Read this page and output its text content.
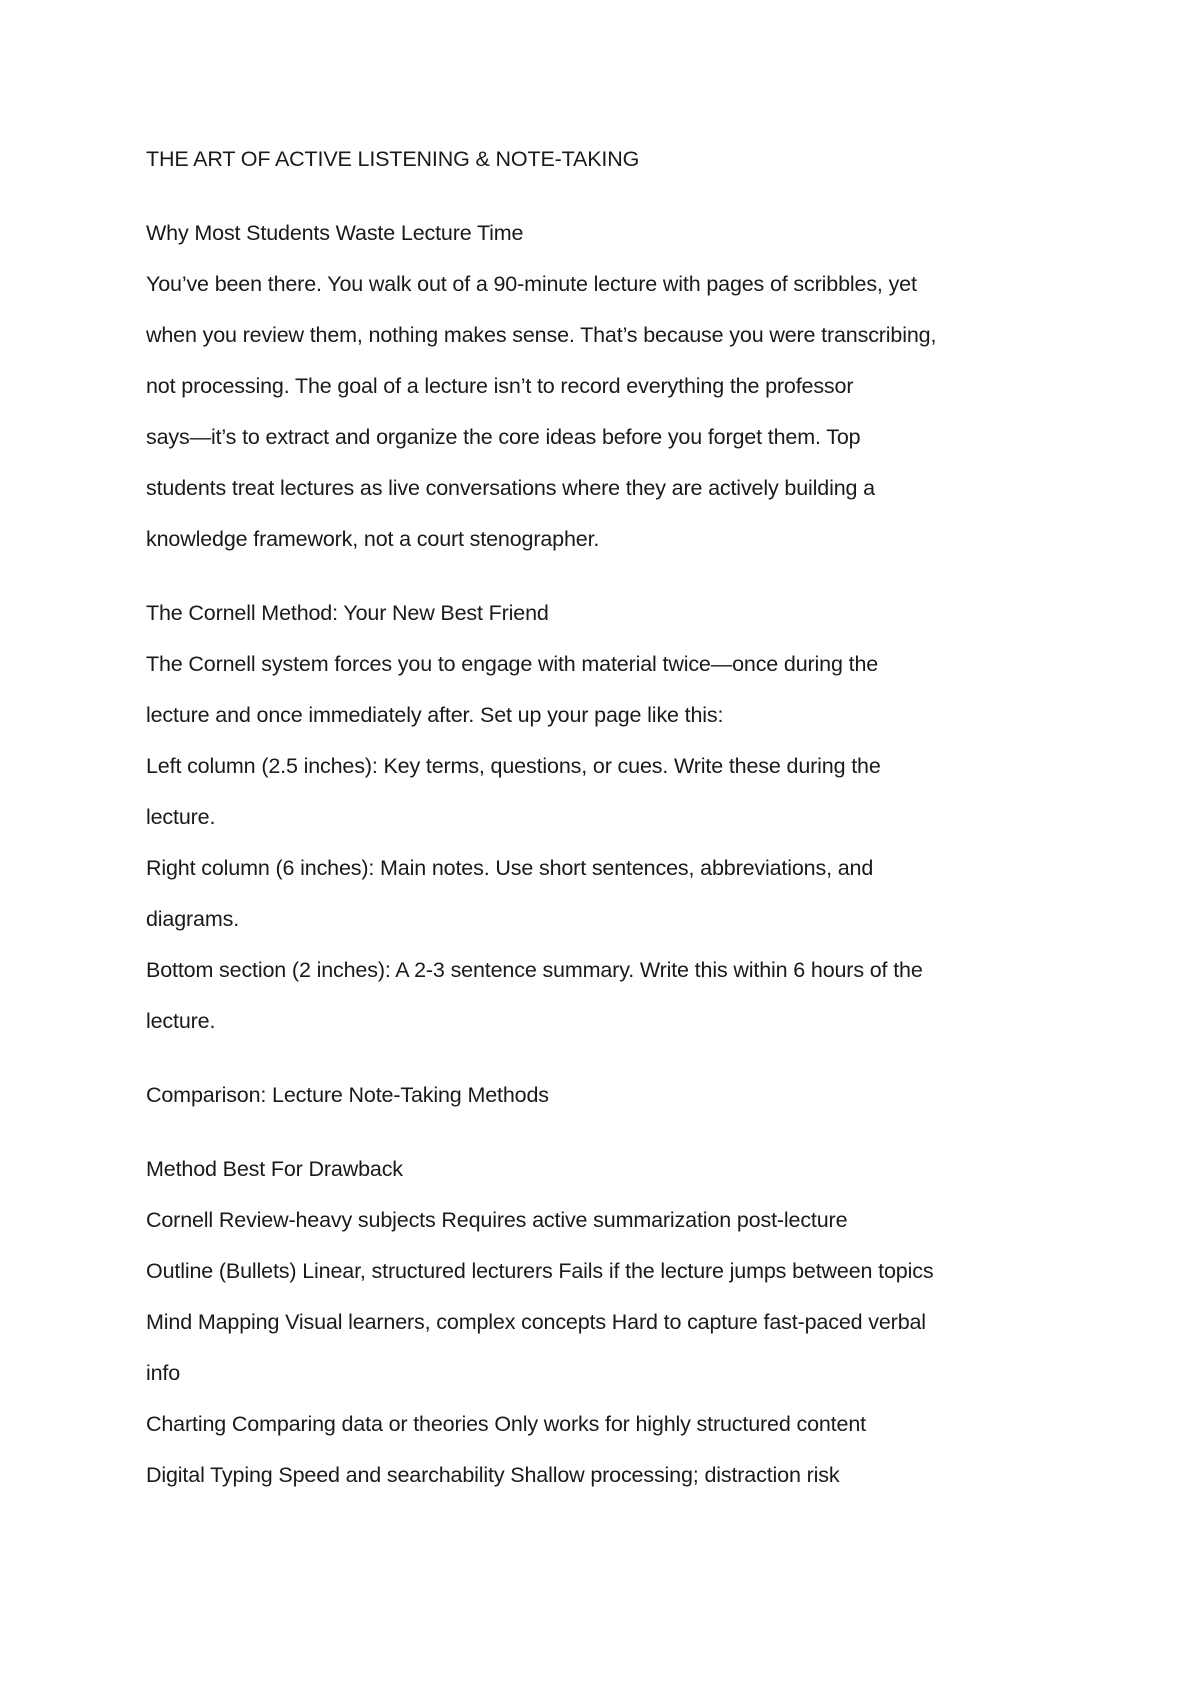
THE ART OF ACTIVE LISTENING & NOTE-TAKING
Why Most Students Waste Lecture Time
You’ve been there. You walk out of a 90-minute lecture with pages of scribbles, yet
when you review them, nothing makes sense. That’s because you were transcribing,
not processing. The goal of a lecture isn’t to record everything the professor
says—it’s to extract and organize the core ideas before you forget them. Top
students treat lectures as live conversations where they are actively building a
knowledge framework, not a court stenographer.
The Cornell Method: Your New Best Friend
The Cornell system forces you to engage with material twice—once during the
lecture and once immediately after. Set up your page like this:
Left column (2.5 inches): Key terms, questions, or cues. Write these during the
lecture.
Right column (6 inches): Main notes. Use short sentences, abbreviations, and
diagrams.
Bottom section (2 inches): A 2-3 sentence summary. Write this within 6 hours of the
lecture.
Comparison: Lecture Note-Taking Methods
Method Best For Drawback
Cornell Review-heavy subjects Requires active summarization post-lecture
Outline (Bullets) Linear, structured lecturers Fails if the lecture jumps between topics
Mind Mapping Visual learners, complex concepts Hard to capture fast-paced verbal
info
Charting Comparing data or theories Only works for highly structured content
Digital Typing Speed and searchability Shallow processing; distraction risk
